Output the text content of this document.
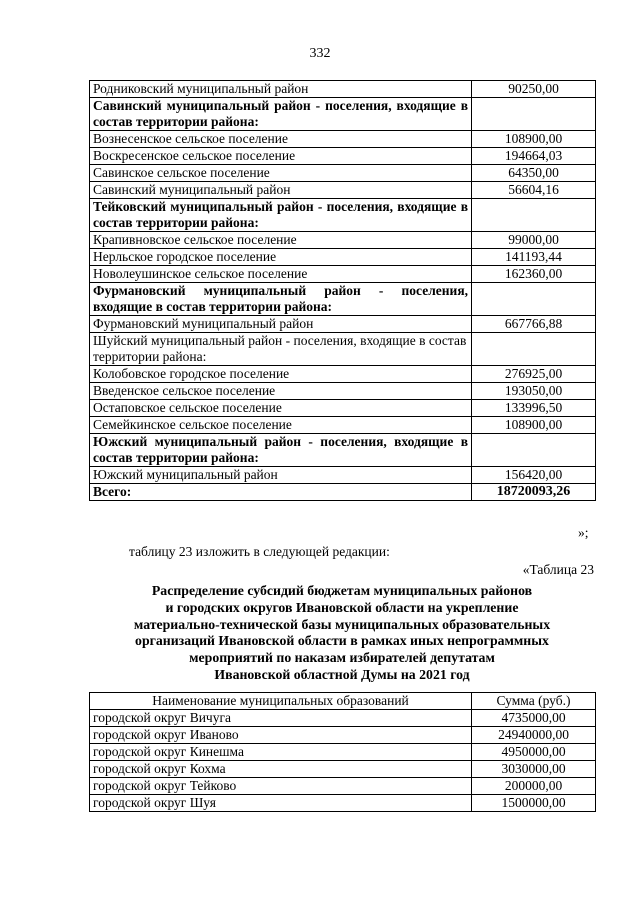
332
Родниковский муниципальный район	90250,00
Савинский муниципальный район - поселения, входящие в состав территории района:	
Вознесенское сельское поселение	108900,00
Воскресенское сельское поселение	194664,03
Савинское сельское поселение	64350,00
Савинский муниципальный район	56604,16
Тейковский муниципальный район - поселения, входящие в состав территории района:	
Крапивновское сельское поселение	99000,00
Нерльское городское поселение	141193,44
Новолеушинское сельское поселение	162360,00
Фурмановский муниципальный район - поселения, входящие в состав территории района:	
Фурмановский муниципальный район	667766,88
Шуйский муниципальный район - поселения, входящие в состав территории района:	
Колобовское городское поселение	276925,00
Введенское сельское поселение	193050,00
Остаповское сельское поселение	133996,50
Семейкинское сельское поселение	108900,00
Южский муниципальный район - поселения, входящие в состав территории района:	
Южский муниципальный район	156420,00
Всего:	18720093,26
»;
таблицу 23 изложить в следующей редакции:
«Таблица 23
Распределение субсидий бюджетам муниципальных районов
и городских округов Ивановской области на укрепление
материально-технической базы муниципальных образовательных
организаций Ивановской области в рамках иных непрограммных
мероприятий по наказам избирателей депутатам
Ивановской областной Думы на 2021 год
Наименование муниципальных образований	Сумма (руб.)
городской округ Вичуга	4735000,00
городской округ Иваново	24940000,00
городской округ Кинешма	4950000,00
городской округ Кохма	3030000,00
городской округ Тейково	200000,00
городской округ Шуя	1500000,00
